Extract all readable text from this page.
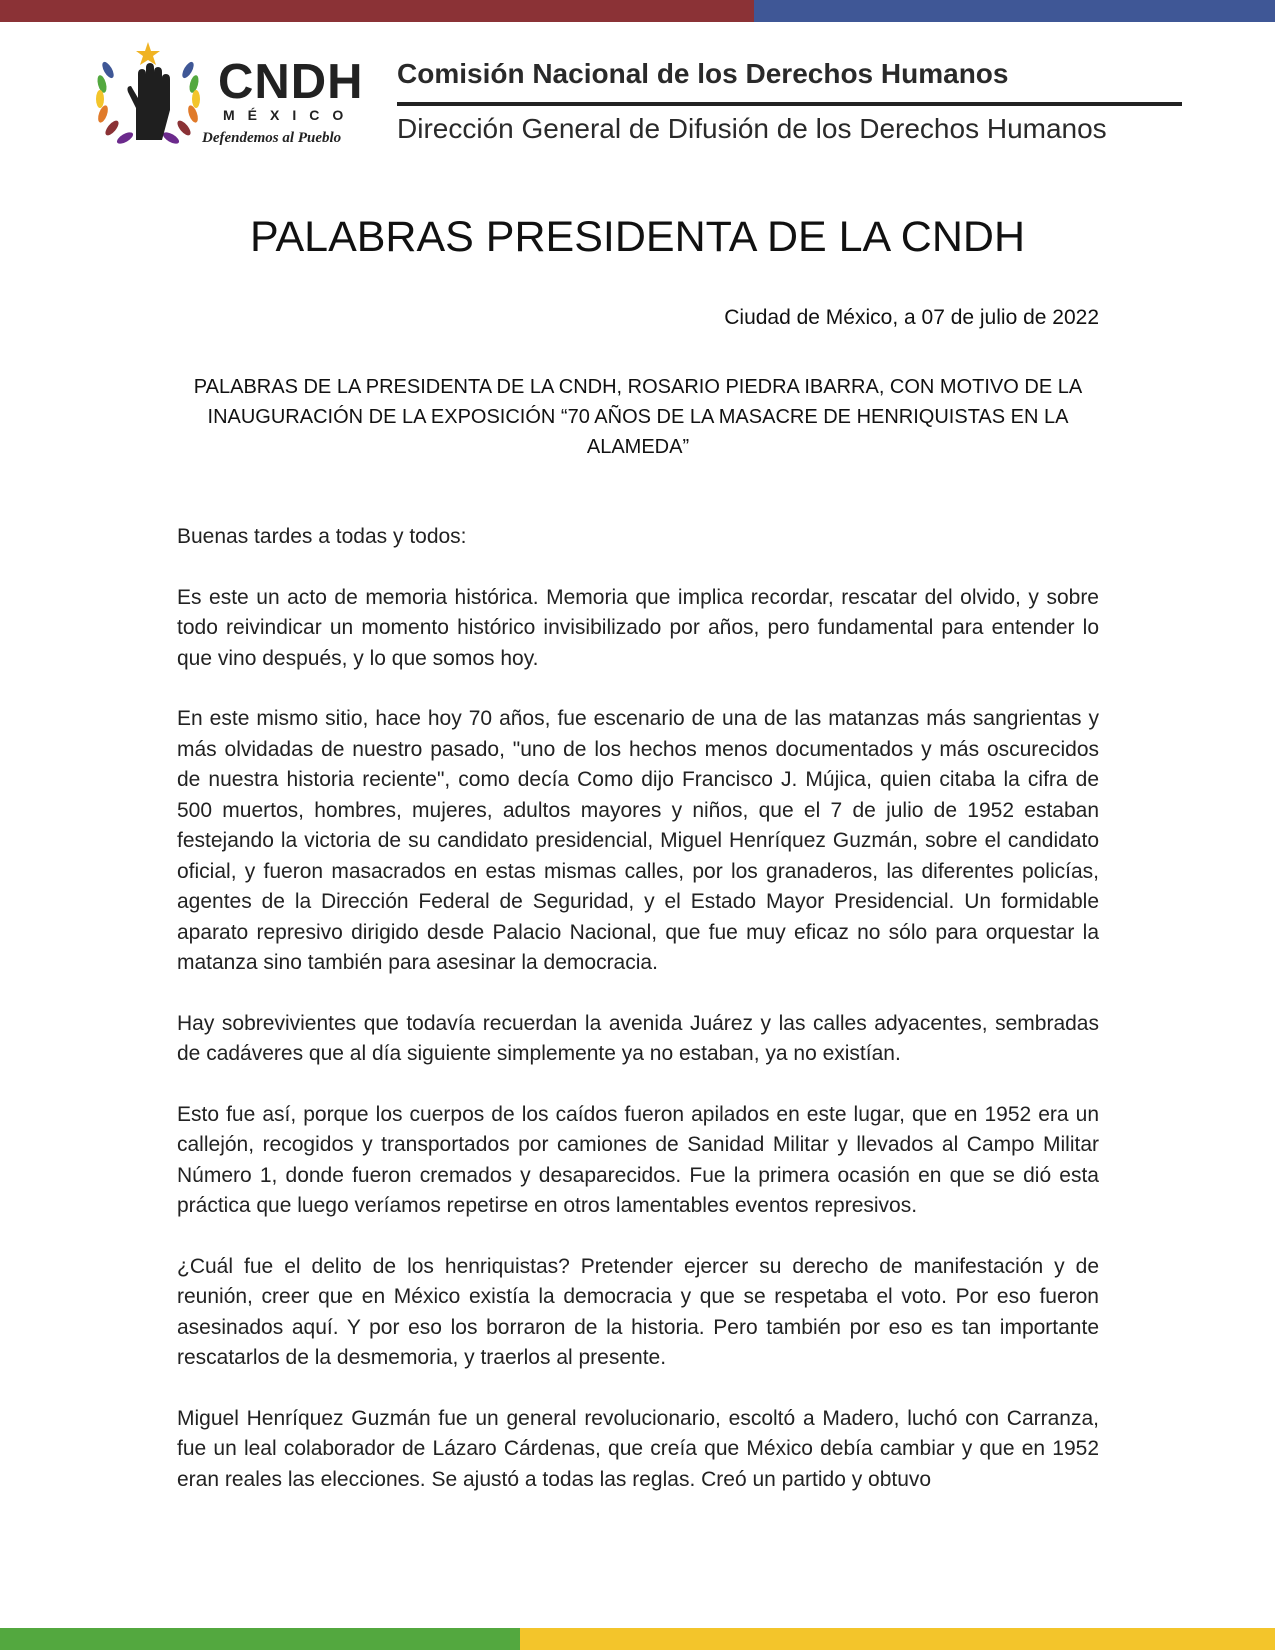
CNDH
MÉXICO
Defendemos al Pueblo
Comisión Nacional de los Derechos Humanos
Dirección General de Difusión de los Derechos Humanos
PALABRAS PRESIDENTA DE LA CNDH
Ciudad de México, a 07 de julio de 2022
PALABRAS DE LA PRESIDENTA DE LA CNDH, ROSARIO PIEDRA IBARRA, CON MOTIVO DE LA INAUGURACIÓN DE LA EXPOSICIÓN “70 AÑOS DE LA MASACRE DE HENRIQUISTAS EN LA ALAMEDA”

Buenas tardes a todas y todos:

Es este un acto de memoria histórica. Memoria que implica recordar, rescatar del olvido, y sobre todo reivindicar un momento histórico invisibilizado por años, pero fundamental para entender lo que vino después, y lo que somos hoy.

En este mismo sitio, hace hoy 70 años, fue escenario de una de las matanzas más sangrientas y más olvidadas de nuestro pasado, "uno de los hechos menos documentados y más oscurecidos de nuestra historia reciente", como decía Como dijo Francisco J. Mújica, quien citaba la cifra de 500 muertos, hombres, mujeres, adultos mayores y niños, que el 7 de julio de 1952 estaban festejando la victoria de su candidato presidencial, Miguel Henríquez Guzmán, sobre el candidato oficial, y fueron masacrados en estas mismas calles, por los granaderos, las diferentes policías, agentes de la Dirección Federal de Seguridad, y el Estado Mayor Presidencial. Un formidable aparato represivo dirigido desde Palacio Nacional, que fue muy eficaz no sólo para orquestar la matanza sino también para asesinar la democracia.

Hay sobrevivientes que todavía recuerdan la avenida Juárez y las calles adyacentes, sembradas de cadáveres que al día siguiente simplemente ya no estaban, ya no existían.

Esto fue así, porque los cuerpos de los caídos fueron apilados en este lugar, que en 1952 era un callejón, recogidos y transportados por camiones de Sanidad Militar y llevados al Campo Militar Número 1, donde fueron cremados y desaparecidos. Fue la primera ocasión en que se dió esta práctica que luego veríamos repetirse en otros lamentables eventos represivos.

¿Cuál fue el delito de los henriquistas? Pretender ejercer su derecho de manifestación y de reunión, creer que en México existía la democracia y que se respetaba el voto. Por eso fueron asesinados aquí. Y por eso los borraron de la historia. Pero también por eso es tan importante rescatarlos de la desmemoria, y traerlos al presente.

Miguel Henríquez Guzmán fue un general revolucionario, escoltó a Madero, luchó con Carranza, fue un leal colaborador de Lázaro Cárdenas, que creía que México debía cambiar y que en 1952 eran reales las elecciones. Se ajustó a todas las reglas. Creó un partido y obtuvo
